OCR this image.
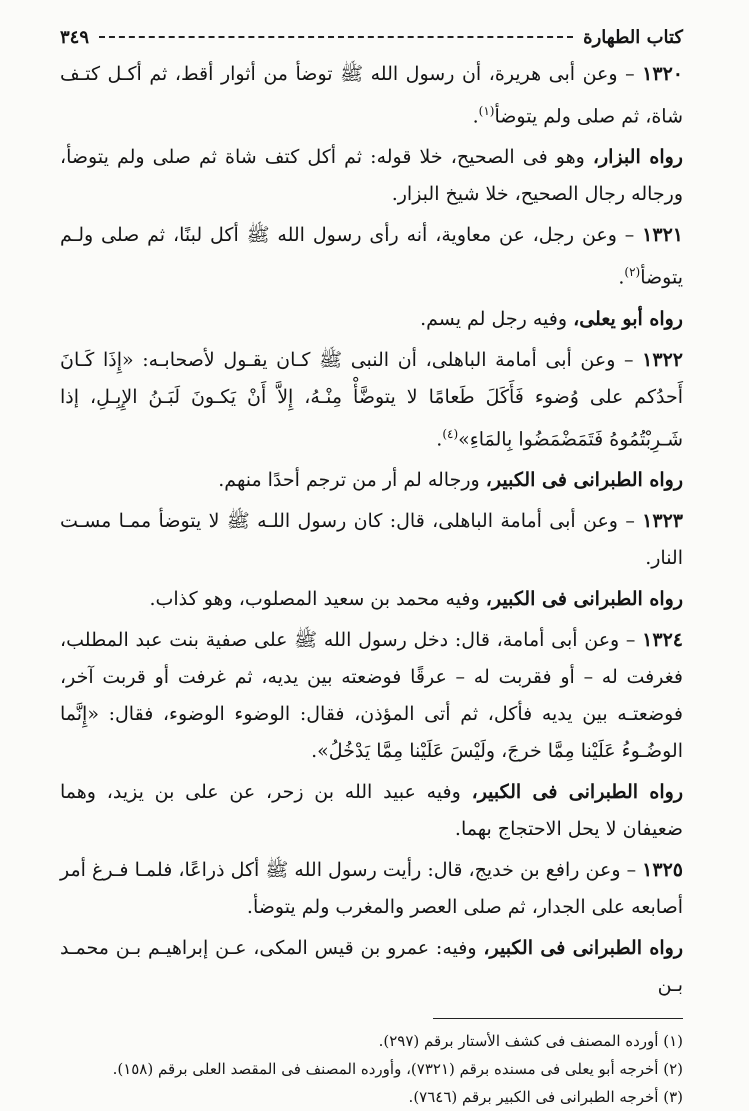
كتاب الطهارة
٣٤٩

١٣٢٠ – وعن أبى هريرة، أن رسول الله ﷺ توضأ من أثوار أقط، ثم أكـل كتـف شاة، ثم صلى ولم يتوضأ$^{(١)}$.

رواه البزار، وهو فى الصحيح، خلا قوله: ثم أكل كتف شاة ثم صلى ولم يتوضأ، ورجاله رجال الصحيح، خلا شيخ البزار.

١٣٢١ – وعن رجل، عن معاوية، أنه رأى رسول الله ﷺ أكل لبنًا، ثم صلى ولـم يتوضأ$^{(٢)}$.

رواه أبو يعلى، وفيه رجل لم يسم.

١٣٢٢ – وعن أبى أمامة الباهلى، أن النبى ﷺ كـان يقـول لأصحابـه: «إِذَا كَـانَ أَحدُكم على وُضوء فَأَكَلَ طَعامًا لا يتوضَّأْ مِنْـهُ، إِلاَّ أَنْ يَكـونَ لَبَـنُ الإِبِـلِ، إذا شَـرِبْتُمُوهُ فَتَمَضْمَضُوا بِالمَاءِ»$^{(٤)}$.

رواه الطبرانى فى الكبير، ورجاله لم أر من ترجم أحدًا منهم.

١٣٢٣ – وعن أبى أمامة الباهلى، قال: كان رسول اللـه ﷺ لا يتوضأ ممـا مسـت النار.

رواه الطبرانى فى الكبير، وفيه محمد بن سعيد المصلوب، وهو كذاب.

١٣٢٤ – وعن أبى أمامة، قال: دخل رسول الله ﷺ على صفية بنت عبد المطلب، فغرفت له – أو فقربت له – عرقًا فوضعته بين يديه، ثم غرفت أو قربت آخر، فوضعتـه بين يديه فأكل، ثم أتى المؤذن، فقال: الوضوء الوضوء، فقال: «إِنَّما الوضُـوءُ عَلَيْنا مِمَّا خرجَ، ولَيْسَ عَلَيْنا مِمَّا يَدْخُلُ».

رواه الطبرانى فى الكبير، وفيه عبيد الله بن زحر، عن على بن يزيد، وهما ضعيفان لا يحل الاحتجاج بهما.

١٣٢٥ – وعن رافع بن خديج، قال: رأيت رسول الله ﷺ أكل ذراعًا، فلمـا فـرغ أمر أصابعه على الجدار، ثم صلى العصر والمغرب ولم يتوضأ.

رواه الطبرانى فى الكبير، وفيه: عمرو بن قيس المكى، عـن إبراهيـم بـن محمـد بـن

(١) أورده المصنف فى كشف الأستار برقم (٢٩٧).
(٢) أخرجه أبو يعلى فى مسنده برقم (٧٣٢١)، وأورده المصنف فى المقصد العلى برقم (١٥٨).
(٣) أخرجه الطبرانى فى الكبير برقم (٧٦٤٦).
